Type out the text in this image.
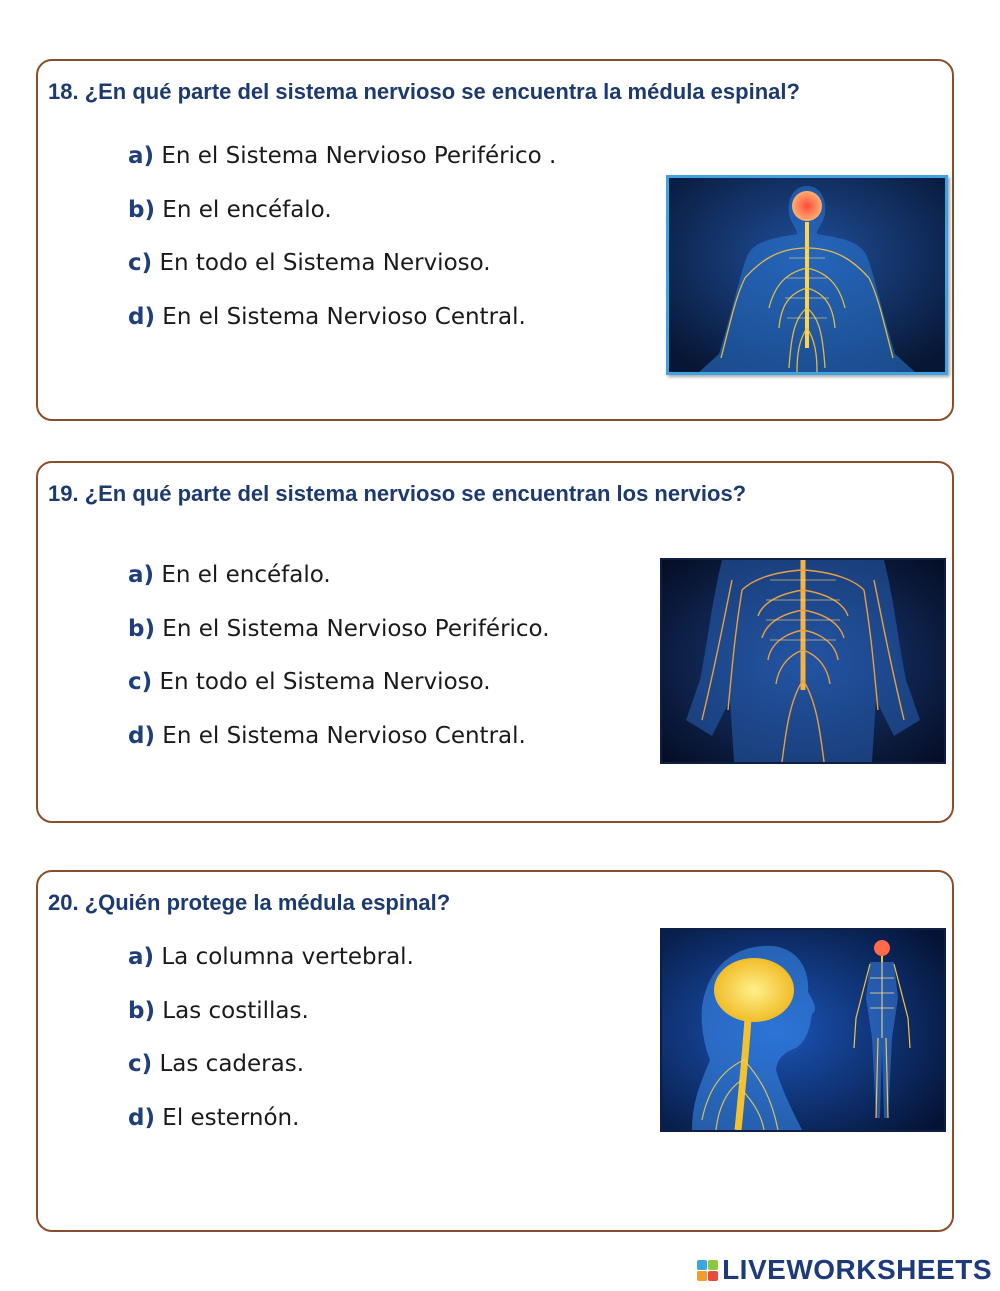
18. ¿En qué parte del sistema nervioso se encuentra la médula espinal?
a) En el Sistema Nervioso Periférico .
b) En el encéfalo.
c) En todo el Sistema Nervioso.
d) En el Sistema Nervioso Central.
19. ¿En qué parte del sistema nervioso se encuentran los nervios?
a) En el encéfalo.
b) En el Sistema Nervioso Periférico.
c) En todo el Sistema Nervioso.
d) En el Sistema Nervioso Central.
20. ¿Quién protege la médula espinal?
a) La columna vertebral.
b) Las costillas.
c) Las caderas.
d) El esternón.
LIVEWORKSHEETS
